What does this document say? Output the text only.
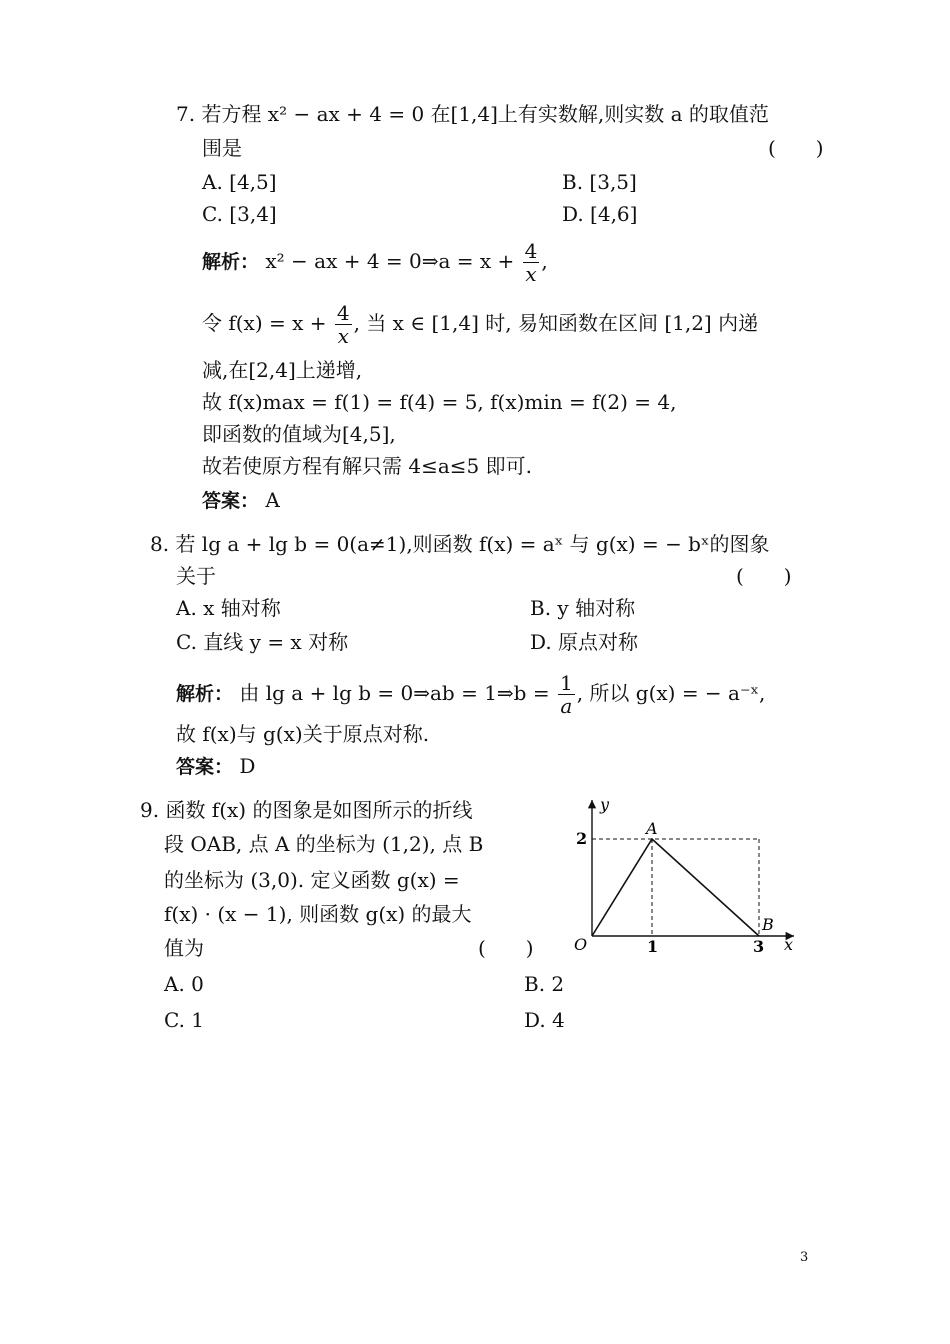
7. 若方程 x² − ax + 4 = 0 在[1,4]上有实数解,则实数 a 的取值范
围是	(　　)
A. [4,5]	B. [3,5]
C. [3,4]	D. [4,6]
解析： x² − ax + 4 = 0⇒a = $x + \frac{4}{x}$ ,
令 $f(x) = x + \frac{4}{x}$ , 当 x ∈ [1,4] 时, 易知函数在区间 [1,2] 内递
减,在[2,4]上递增,
故 f(x)max = f(1) = f(4) = 5, f(x)min = f(2) = 4,
即函数的值域为[4,5],
故若使原方程有解只需 4≤a≤5 即可.
答案： A
8. 若 lg a + lg b = 0(a≠1),则函数 f(x) = aˣ 与 g(x) = − bˣ的图象
关于	(　　)
A. x 轴对称	B. y 轴对称
C. 直线 y = x 对称	D. 原点对称
解析： 由 lg a + lg b = 0⇒ab = 1⇒b = $\frac{1}{a}$ , 所以 g(x) = − a⁻ˣ,
故 f(x)与 g(x)关于原点对称.
答案： D
9. 函数 f(x) 的图象是如图所示的折线
段 OAB, 点 A 的坐标为 (1,2), 点 B
的坐标为 (3,0). 定义函数 g(x) =
f(x) · (x − 1), 则函数 g(x) 的最大
值为	(　　)
A. 0	B. 2
C. 1	D. 4
y
x
O
A
B
2
1	3
3
